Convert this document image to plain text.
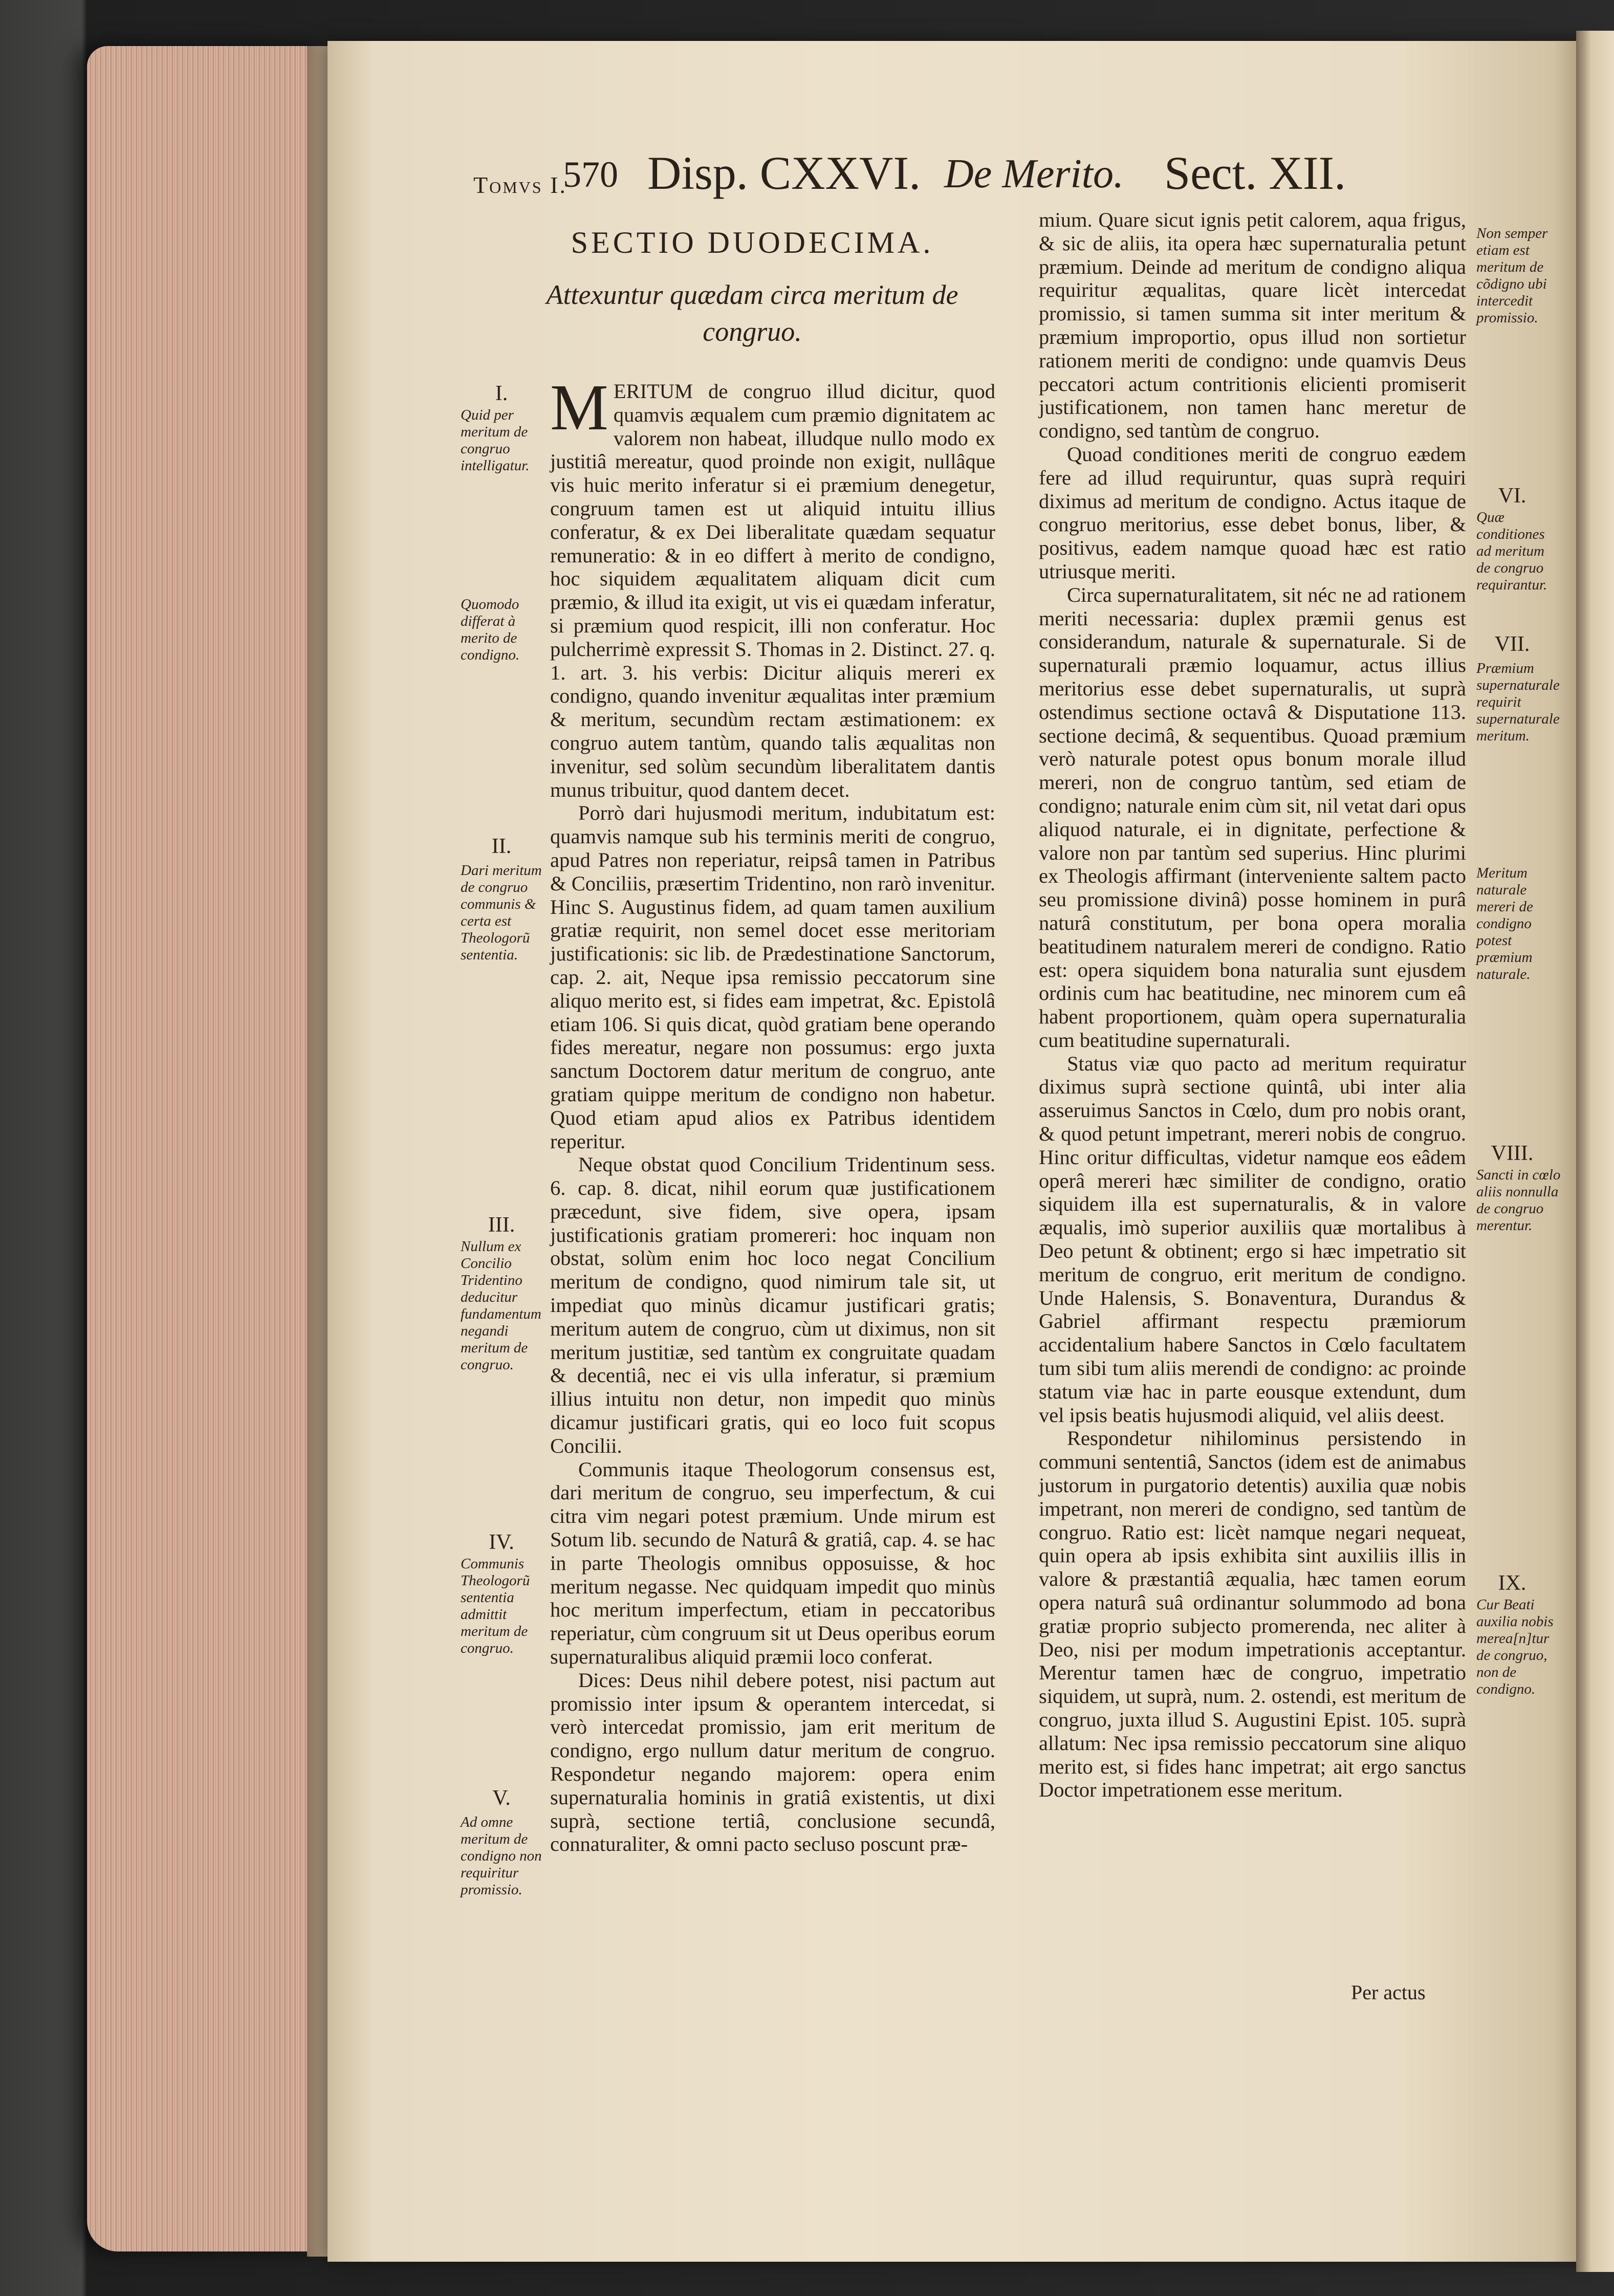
Tomvs I.
570 Disp. CXXVI. De Merito. Sect. XII.
SECTIO DUODECIMA.
Attexuntur quædam circa meritum de congruo.

MERITUM de congruo illud dicitur, quod quamvis æqualem cum præmio dignitatem ac valorem non habeat, illudque nullo modo ex justitiâ mereatur, quod proinde non exigit, nullâque vis huic merito inferatur si ei præmium denegetur, congruum tamen est ut aliquid intuitu illius conferatur, & ex Dei liberalitate quædam sequatur remuneratio: & in eo differt à merito de condigno, hoc siquidem æqualitatem aliquam dicit cum præmio, & illud ita exigit, ut vis ei quædam inferatur, si præmium quod respicit, illi non conferatur. Hoc pulcherrimè expressit S. Thomas in 2. Distinct. 27. q. 1. art. 3. his verbis: Dicitur aliquis mereri ex condigno, quando invenitur æqualitas inter præmium & meritum, secundùm rectam æstimationem: ex congruo autem tantùm, quando talis æqualitas non invenitur, sed solùm secundùm liberalitatem dantis munus tribuitur, quod dantem decet.

Porrò dari hujusmodi meritum, indubitatum est: quamvis namque sub his terminis meriti de congruo, apud Patres non reperiatur, reipsâ tamen in Patribus & Conciliis, præsertim Tridentino, non rarò invenitur. Hinc S. Augustinus fidem, ad quam tamen auxilium gratiæ requirit, non semel docet esse meritoriam justificationis: sic lib. de Prædestinatione Sanctorum, cap. 2. ait, Neque ipsa remissio peccatorum sine aliquo merito est, si fides eam impetrat, &c. Epistolâ etiam 106. Si quis dicat, quòd gratiam bene operando fides mereatur, negare non possumus: ergo juxta sanctum Doctorem datur meritum de congruo, ante gratiam quippe meritum de condigno non habetur. Quod etiam apud alios ex Patribus identidem reperitur.

Neque obstat quod Concilium Tridentinum sess. 6. cap. 8. dicat, nihil eorum quæ justificationem præcedunt, sive fidem, sive opera, ipsam justificationis gratiam promereri: hoc inquam non obstat, solùm enim hoc loco negat Concilium meritum de condigno, quod nimirum tale sit, ut impediat quo minùs dicamur justificari gratis; meritum autem de congruo, cùm ut diximus, non sit meritum justitiæ, sed tantùm ex congruitate quadam & decentiâ, nec ei vis ulla inferatur, si præmium illius intuitu non detur, non impedit quo minùs dicamur justificari gratis, qui eo loco fuit scopus Concilii.

Communis itaque Theologorum consensus est, dari meritum de congruo, seu imperfectum, & cui citra vim negari potest præmium. Unde mirum est Sotum lib. secundo de Naturâ & gratiâ, cap. 4. se hac in parte Theologis omnibus opposuisse, & hoc meritum negasse. Nec quidquam impedit quo minùs hoc meritum imperfectum, etiam in peccatoribus reperiatur, cùm congruum sit ut Deus operibus eorum supernaturalibus aliquid præmii loco conferat.

Dices: Deus nihil debere potest, nisi pactum aut promissio inter ipsum & operantem intercedat, si verò intercedat promissio, jam erit meritum de condigno, ergo nullum datur meritum de congruo. Respondetur negando majorem: opera enim supernaturalia hominis in gratiâ existentis, ut dixi suprà, sectione tertiâ, conclusione secundâ, connaturaliter, & omni pacto secluso poscunt præ-

mium. Quare sicut ignis petit calorem, aqua frigus, & sic de aliis, ita opera hæc supernaturalia petunt præmium. Deinde ad meritum de condigno aliqua requiritur æqualitas, quare licèt intercedat promissio, si tamen summa sit inter meritum & præmium improportio, opus illud non sortietur rationem meriti de condigno: unde quamvis Deus peccatori actum contritionis elicienti promiserit justificationem, non tamen hanc meretur de condigno, sed tantùm de congruo.

Quoad conditiones meriti de congruo eædem fere ad illud requiruntur, quas suprà requiri diximus ad meritum de condigno. Actus itaque de congruo meritorius, esse debet bonus, liber, & positivus, eadem namque quoad hæc est ratio utriusque meriti.

Circa supernaturalitatem, sit néc ne ad rationem meriti necessaria: duplex præmii genus est considerandum, naturale & supernaturale. Si de supernaturali præmio loquamur, actus illius meritorius esse debet supernaturalis, ut suprà ostendimus sectione octavâ & Disputatione 113. sectione decimâ, & sequentibus. Quoad præmium verò naturale potest opus bonum morale illud mereri, non de congruo tantùm, sed etiam de condigno; naturale enim cùm sit, nil vetat dari opus aliquod naturale, ei in dignitate, perfectione & valore non par tantùm sed superius. Hinc plurimi ex Theologis affirmant (interveniente saltem pacto seu promissione divinâ) posse hominem in purâ naturâ constitutum, per bona opera moralia beatitudinem naturalem mereri de condigno. Ratio est: opera siquidem bona naturalia sunt ejusdem ordinis cum hac beatitudine, nec minorem cum eâ habent proportionem, quàm opera supernaturalia cum beatitudine supernaturali.

Status viæ quo pacto ad meritum requiratur diximus suprà sectione quintâ, ubi inter alia asseruimus Sanctos in Cœlo, dum pro nobis orant, & quod petunt impetrant, mereri nobis de congruo. Hinc oritur difficultas, videtur namque eos eâdem operâ mereri hæc similiter de condigno, oratio siquidem illa est supernaturalis, & in valore æqualis, imò superior auxiliis quæ mortalibus à Deo petunt & obtinent; ergo si hæc impetratio sit meritum de congruo, erit meritum de condigno. Unde Halensis, S. Bonaventura, Durandus & Gabriel affirmant respectu præmiorum accidentalium habere Sanctos in Cœlo facultatem tum sibi tum aliis merendi de condigno: ac proinde statum viæ hac in parte eousque extendunt, dum vel ipsis beatis hujusmodi aliquid, vel aliis deest.

Respondetur nihilominus persistendo in communi sententiâ, Sanctos (idem est de animabus justorum in purgatorio detentis) auxilia quæ nobis impetrant, non mereri de condigno, sed tantùm de congruo. Ratio est: licèt namque negari nequeat, quin opera ab ipsis exhibita sint auxiliis illis in valore & præstantiâ æqualia, hæc tamen eorum opera naturâ suâ ordinantur solummodo ad bona gratiæ proprio subjecto promerenda, nec aliter à Deo, nisi per modum impetrationis acceptantur. Merentur tamen hæc de congruo, impetratio siquidem, ut suprà, num. 2. ostendi, est meritum de congruo, juxta illud S. Augustini Epist. 105. suprà allatum: Nec ipsa remissio peccatorum sine aliquo merito est, si fides hanc impetrat; ait ergo sanctus Doctor impetrationem esse meritum.

I.
Quid per meritum de congruo intelligatur.
Quomodo differat à merito de condigno.
II.
Dari meritum de congruo communis & certa est Theologorũ sententia.
III.
Nullum ex Concilio Tridentino deducitur fundamentum negandi meritum de congruo.
IV.
Communis Theologorũ sententia admittit meritum de congruo.
V.
Ad omne meritum de condigno non requiritur promissio.
Non semper etiam est meritum de cõdigno ubi intercedit promissio.
VI.
Quæ conditiones ad meritum de congruo requirantur.
VII.
Præmium supernaturale requirit supernaturale meritum.
Meritum naturale mereri de condigno potest præmium naturale.
VIII.
Sancti in cœlo aliis nonnulla de congruo merentur.
IX.
Cur Beati auxilia nobis merea[n]tur de congruo, non de condigno.
Per actus
